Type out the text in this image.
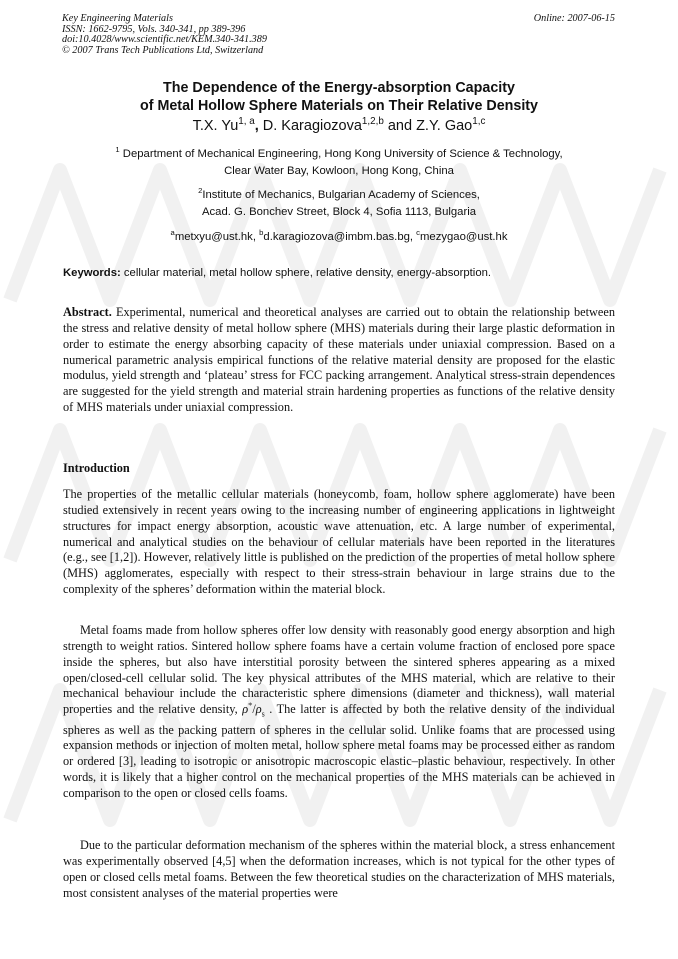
Key Engineering Materials
ISSN: 1662-9795, Vols. 340-341, pp 389-396
doi:10.4028/www.scientific.net/KEM.340-341.389
© 2007 Trans Tech Publications Ltd, Switzerland
Online: 2007-06-15
The Dependence of the Energy-absorption Capacity
of Metal Hollow Sphere Materials on Their Relative Density
T.X. Yu$^{1, a}$, D. Karagiozova$^{1,2,b}$ and Z.Y. Gao$^{1,c}$
$^1$ Department of Mechanical Engineering, Hong Kong University of Science & Technology,
Clear Water Bay, Kowloon, Hong Kong, China
$^2$Institute of Mechanics, Bulgarian Academy of Sciences,
Acad. G. Bonchev Street, Block 4, Sofia 1113, Bulgaria
$^a$metxyu@ust.hk, $^b$d.karagiozova@imbm.bas.bg, $^c$mezygao@ust.hk
Keywords: cellular material, metal hollow sphere, relative density, energy-absorption.
Abstract. Experimental, numerical and theoretical analyses are carried out to obtain the relationship between the stress and relative density of metal hollow sphere (MHS) materials during their large plastic deformation in order to estimate the energy absorbing capacity of these materials under uniaxial compression. Based on a numerical parametric analysis empirical functions of the relative material density are proposed for the elastic modulus, yield strength and ‘plateau’ stress for FCC packing arrangement. Analytical stress-strain dependences are suggested for the yield strength and material strain hardening properties as functions of the relative density of MHS materials under uniaxial compression.
Introduction
The properties of the metallic cellular materials (honeycomb, foam, hollow sphere agglomerate) have been studied extensively in recent years owing to the increasing number of engineering applications in lightweight structures for impact energy absorption, acoustic wave attenuation, etc. A large number of experimental, numerical and analytical studies on the behaviour of cellular materials have been reported in the literatures (e.g., see [1,2]). However, relatively little is published on the prediction of the properties of metal hollow sphere (MHS) agglomerates, especially with respect to their stress-strain behaviour in large strains due to the complexity of the spheres’ deformation within the material block.
Metal foams made from hollow spheres offer low density with reasonably good energy absorption and high strength to weight ratios. Sintered hollow sphere foams have a certain volume fraction of enclosed pore space inside the spheres, but also have interstitial porosity between the sintered spheres appearing as a mixed open/closed-cell cellular solid. The key physical attributes of the MHS material, which are relative to their mechanical behaviour include the characteristic sphere dimensions (diameter and thickness), wall material properties and the relative density, $\rho^*/\rho_s$ . The latter is affected by both the relative density of the individual spheres as well as the packing pattern of spheres in the cellular solid. Unlike foams that are processed using expansion methods or injection of molten metal, hollow sphere metal foams may be processed either as random or ordered [3], leading to isotropic or anisotropic macroscopic elastic–plastic behaviour, respectively. In other words, it is likely that a higher control on the mechanical properties of the MHS materials can be achieved in comparison to the open or closed cells foams.
Due to the particular deformation mechanism of the spheres within the material block, a stress enhancement was experimentally observed [4,5] when the deformation increases, which is not typical for the other types of open or closed cells metal foams. Between the few theoretical studies on the characterization of MHS materials, most consistent analyses of the material properties were
